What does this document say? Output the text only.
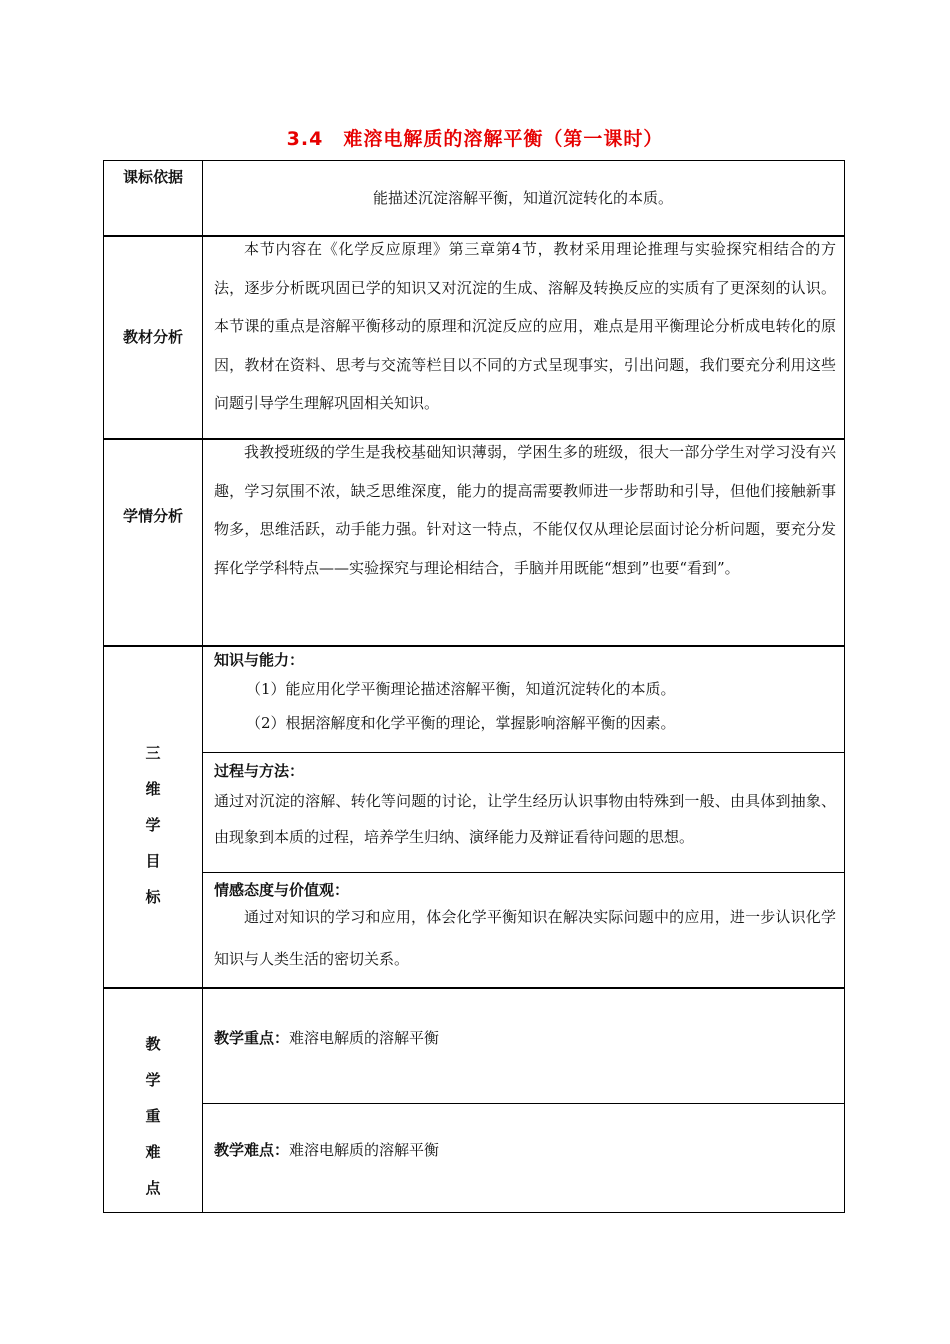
3.4　难溶电解质的溶解平衡（第一课时）
课标依据
能描述沉淀溶解平衡，知道沉淀转化的本质。
教材分析
本节内容在《化学反应原理》第三章第4节，教材采用理论推理与实验探究相结合的方法，逐步分析既巩固已学的知识又对沉淀的生成、溶解及转换反应的实质有了更深刻的认识。本节课的重点是溶解平衡移动的原理和沉淀反应的应用，难点是用平衡理论分析成电转化的原因，教材在资料、思考与交流等栏目以不同的方式呈现事实，引出问题，我们要充分利用这些问题引导学生理解巩固相关知识。
学情分析
我教授班级的学生是我校基础知识薄弱，学困生多的班级，很大一部分学生对学习没有兴趣，学习氛围不浓，缺乏思维深度，能力的提高需要教师进一步帮助和引导，但他们接触新事物多，思维活跃，动手能力强。针对这一特点，不能仅仅从理论层面讨论分析问题，要充分发挥化学学科特点——实验探究与理论相结合，手脑并用既能“想到”也要“看到”。
三
维
学
目
标
知识与能力：
（1）能应用化学平衡理论描述溶解平衡，知道沉淀转化的本质。
（2）根据溶解度和化学平衡的理论，掌握影响溶解平衡的因素。
过程与方法：
通过对沉淀的溶解、转化等问题的讨论，让学生经历认识事物由特殊到一般、由具体到抽象、由现象到本质的过程，培养学生归纳、演绎能力及辩证看待问题的思想。
情感态度与价值观：
通过对知识的学习和应用，体会化学平衡知识在解决实际问题中的应用，进一步认识化学知识与人类生活的密切关系。
教
学
重
难
点
教学重点：难溶电解质的溶解平衡
教学难点：难溶电解质的溶解平衡
